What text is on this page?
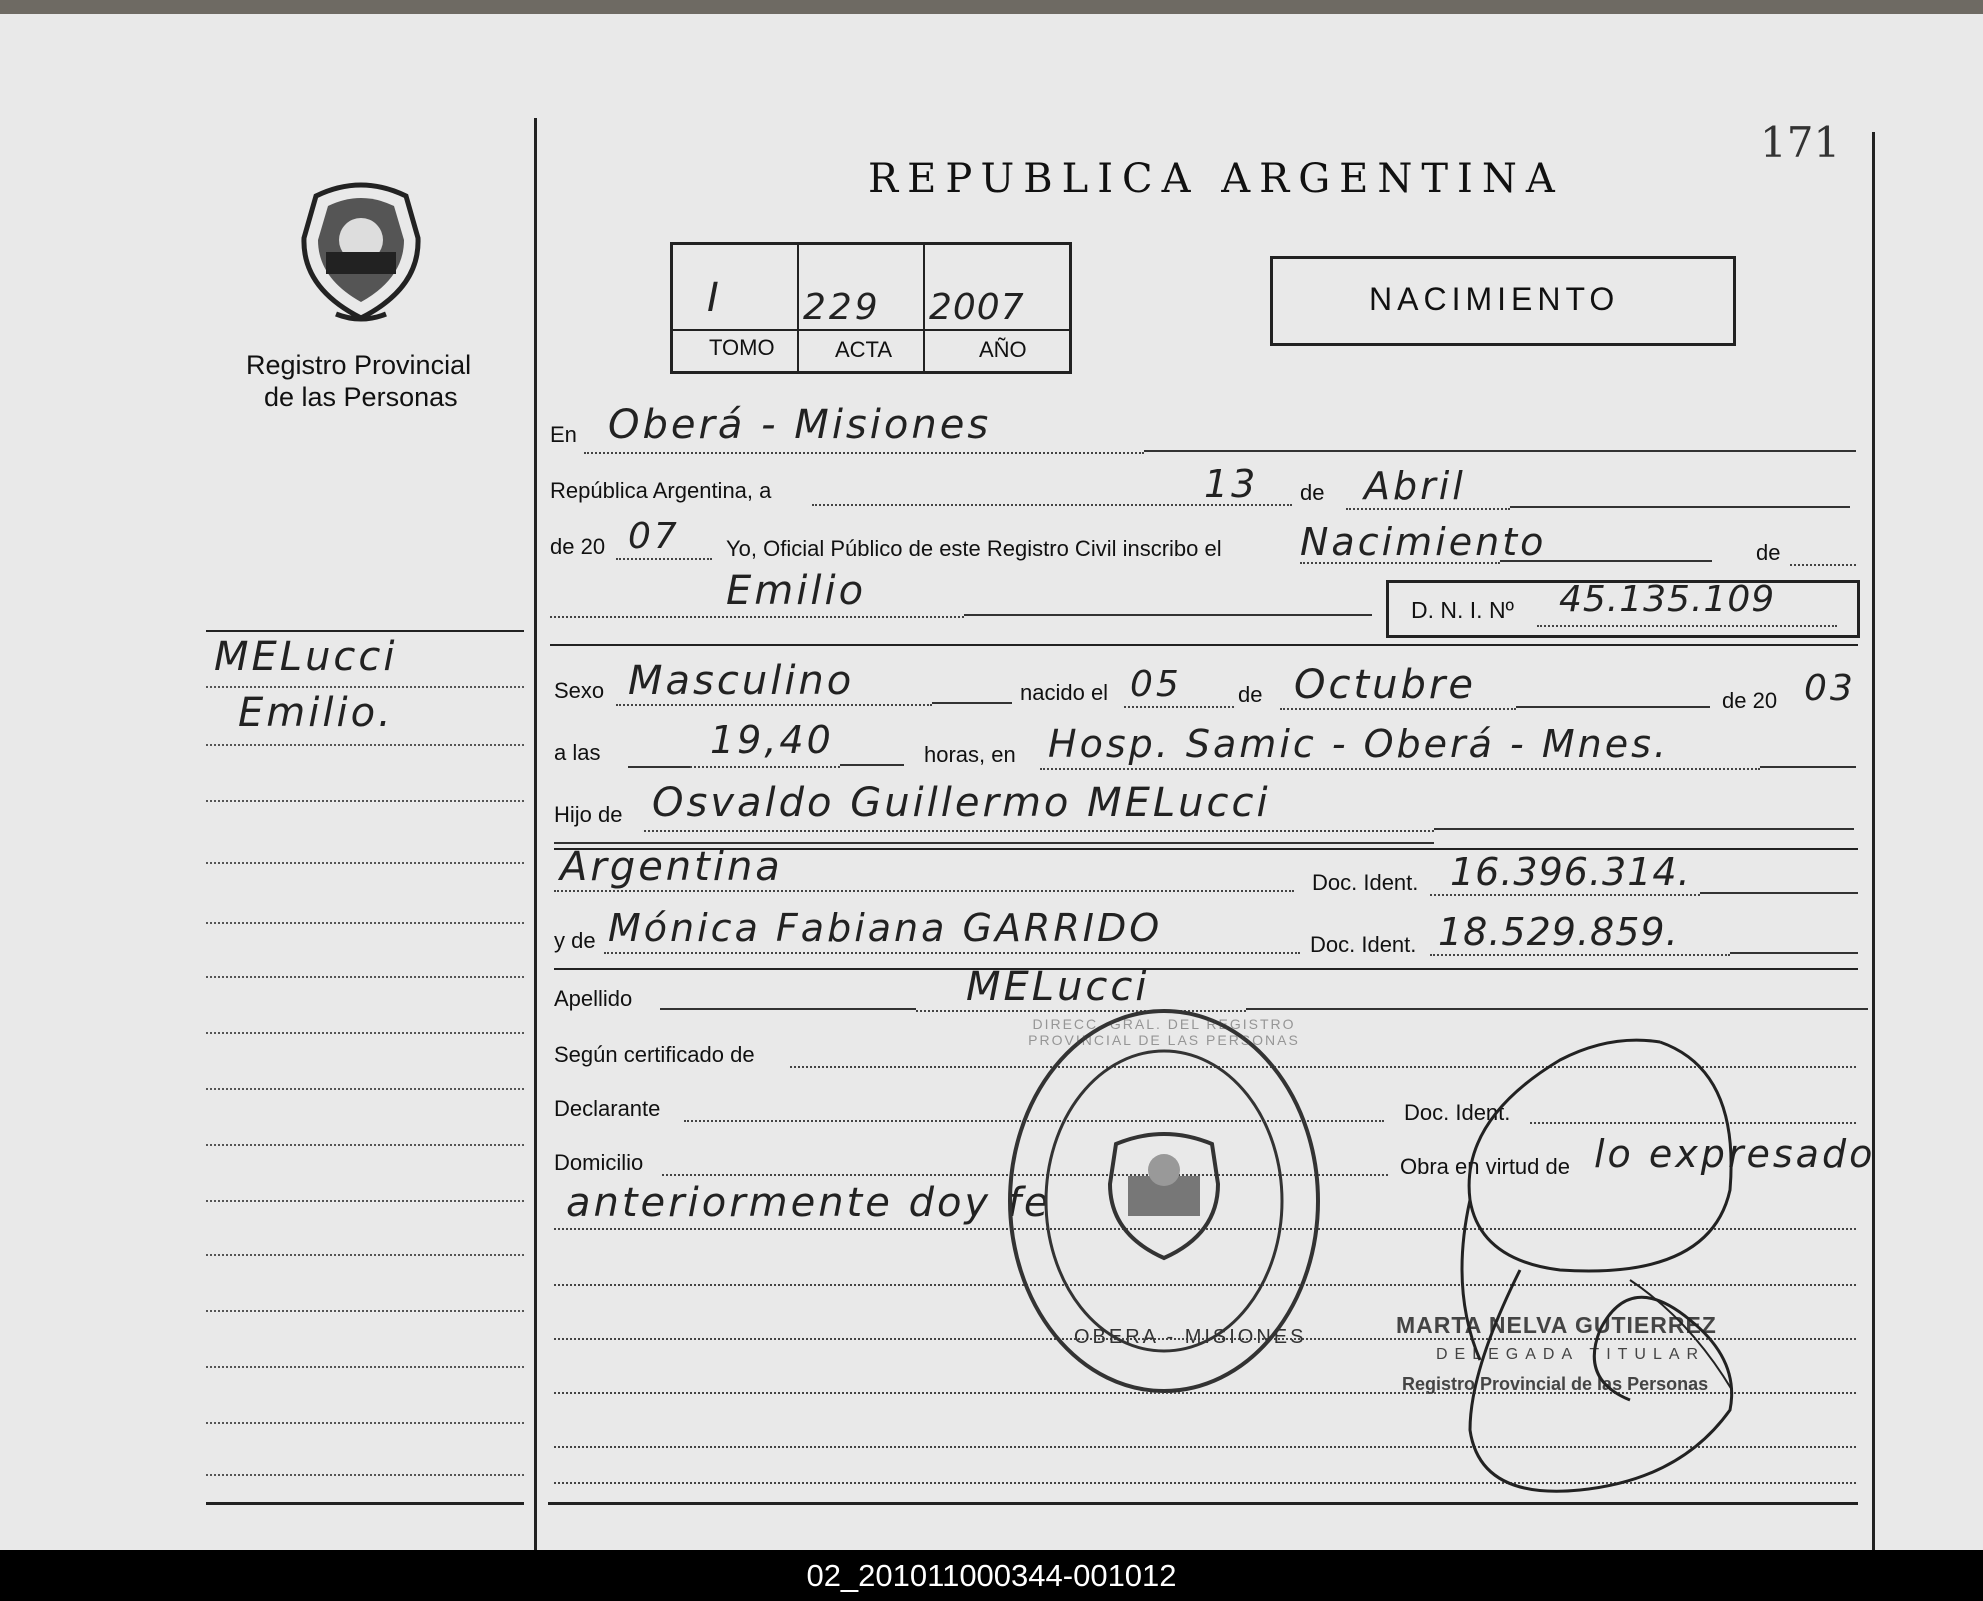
171
Registro Provincial
de las Personas
MELucci
Emilio.
REPUBLICA ARGENTINA
I 229 2007
TOMO	ACTA	AÑO
NACIMIENTO
En Oberá - Misiones
República Argentina, a	13 de Abril
de 20 07 Yo, Oficial Público de este Registro Civil inscribo el Nacimiento	de
Emilio	D. N. I. Nº 45.135.109
Sexo Masculino	nacido el 05	de Octubre	de 20 03
a las	19,40	horas, en Hosp. Samic - Oberá - Mnes.
Hijo de Osvaldo Guillermo MELucci
Argentina	Doc. Ident. 16.396.314.
y de Mónica Fabiana GARRIDO	Doc. Ident. 18.529.859.
Apellido	MELucci
Según certificado de
Declarante	Doc. Ident.
Domicilio	Obra en virtud de lo expresado
anteriormente doy fe
DIRECC. GRAL. DEL REGISTRO PROVINCIAL DE LAS PERSONAS
OBERA - MISIONES	MARTA NELVA GUTIERREZ
DELEGADA TITULAR
Registro Provincial de las Personas
02_201011000344-001012
